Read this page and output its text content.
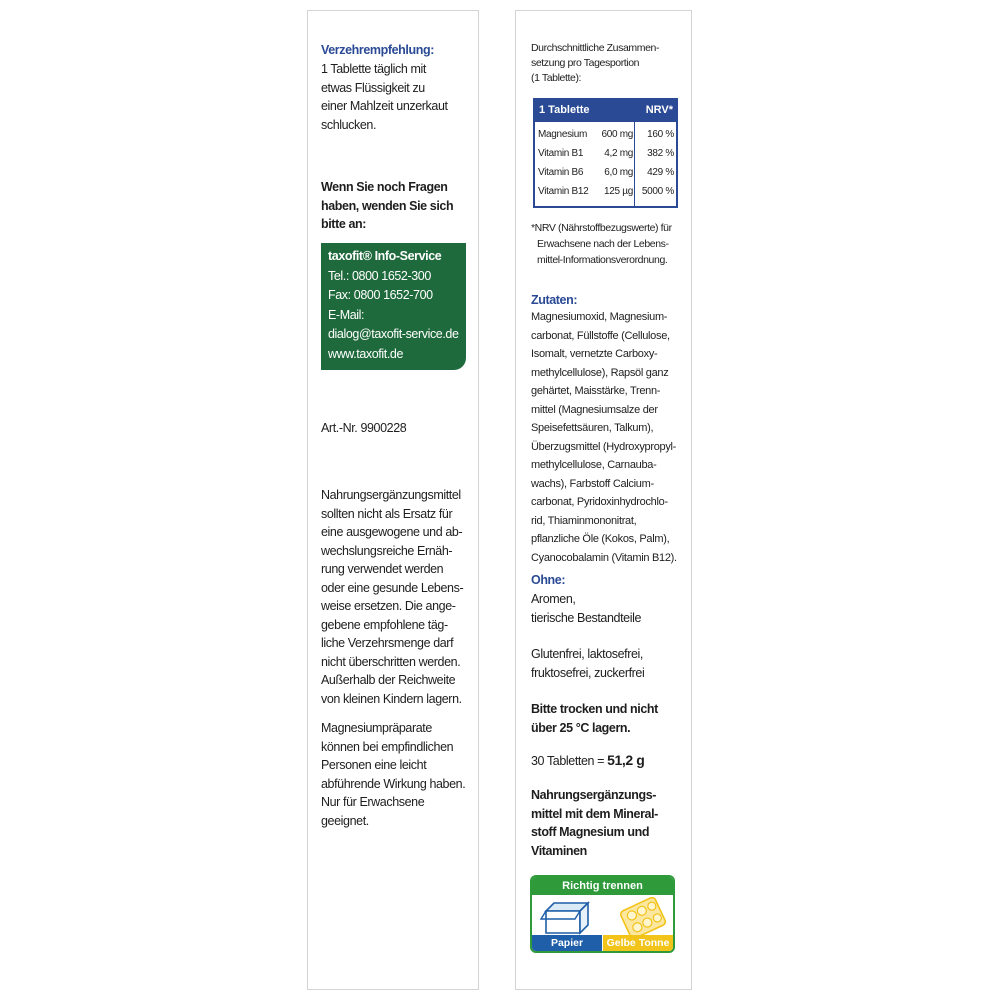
Verzehrempfehlung:

1 Tablette täglich mit

etwas Flüssigkeit zu

einer Mahlzeit unzerkaut

schlucken.

Wenn Sie noch Fragen

haben, wenden Sie sich

bitte an:

taxofit® Info-Service

Tel.: 0800 1652-300

Fax: 0800 1652-700

E-Mail:

dialog@taxofit-service.de

www.taxofit.de

Art.-Nr. 9900228

Nahrungsergänzungsmittel

sollten nicht als Ersatz für

eine ausgewogene und ab-

wechslungsreiche Ernäh-

rung verwendet werden

oder eine gesunde Lebens-

weise ersetzen. Die ange-

gebene empfohlene täg-

liche Verzehrsmenge darf

nicht überschritten werden.

Außerhalb der Reichweite

von kleinen Kindern lagern.

Magnesiumpräparate

können bei empfindlichen

Personen eine leicht

abführende Wirkung haben.

Nur für Erwachsene

geeignet.

Durchschnittliche Zusammen-

setzung pro Tagesportion

(1 Tablette):

1 Tablette	NRV*
Magnesium	600 mg	160 %
Vitamin B1	4,2 mg	382 %
Vitamin B6	6,0 mg	429 %
Vitamin B12	125 µg 5000 %

*NRV (Nährstoffbezugswerte) für

Erwachsene nach der Lebens-

mittel-Informationsverordnung.

Zutaten:

Magnesiumoxid, Magnesium-

carbonat, Füllstoffe (Cellulose,

Isomalt, vernetzte Carboxy-

methylcellulose), Rapsöl ganz

gehärtet, Maisstärke, Trenn-

mittel (Magnesiumsalze der

Speisefettsäuren, Talkum),

Überzugsmittel (Hydroxypropyl-

methylcellulose, Carnauba-

wachs), Farbstoff Calcium-

carbonat, Pyridoxinhydrochlo-

rid, Thiaminmononitrat,

pflanzliche Öle (Kokos, Palm),

Cyanocobalamin (Vitamin B12).

Ohne:

Aromen,

tierische Bestandteile

Glutenfrei, laktosefrei,

fruktosefrei, zuckerfrei

Bitte trocken und nicht

über 25 °C lagern.

30 Tabletten = 51,2 g

Nahrungsergänzungs-

mittel mit dem Mineral-

stoff Magnesium und

Vitaminen

Richtig trennen
Papier	Gelbe Tonne
